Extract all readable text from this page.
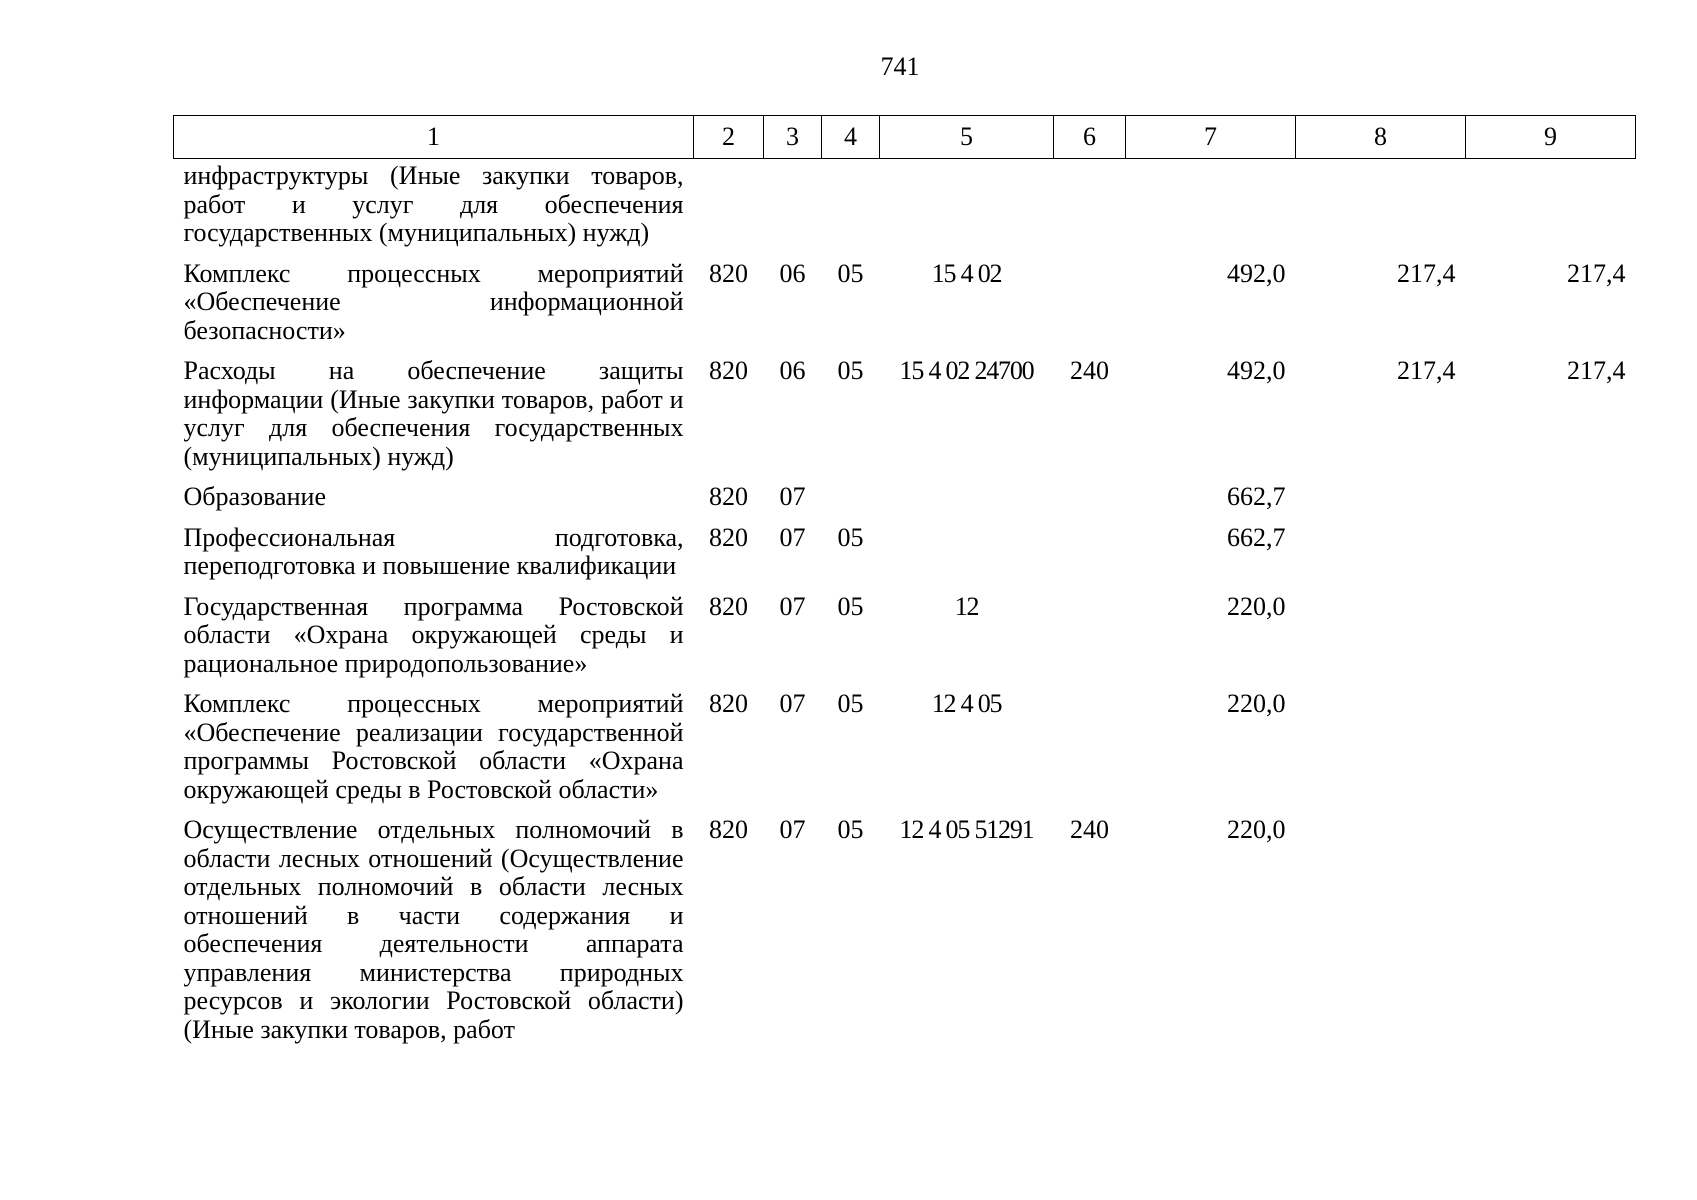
741
1	2	3	4	5	6	7	8	9
инфраструктуры (Иные закупки товаров, работ и услуг для обеспечения государственных (муниципальных) нужд)								
Комплекс процессных мероприятий «Обеспечение информационной безопасности»	820	06	05	15 4 02		492,0	217,4	217,4
Расходы на обеспечение защиты информации (Иные закупки товаров, работ и услуг для обеспечения государственных (муниципальных) нужд)	820	06	05	15 4 02 24700	240	492,0	217,4	217,4
Образование	820	07				662,7		
Профессиональная подготовка, переподготовка и повышение квалификации	820	07	05			662,7		
Государственная программа Ростовской области «Охрана окружающей среды и рациональное природопользование»	820	07	05	12		220,0		
Комплекс процессных мероприятий «Обеспечение реализации государственной программы Ростовской области «Охрана окружающей среды в Ростовской области»	820	07	05	12 4 05		220,0		
Осуществление отдельных полномочий в области лесных отношений (Осуществление отдельных полномочий в области лесных отношений в части содержания и обеспечения деятельности аппарата управления министерства природных ресурсов и экологии Ростовской области) (Иные закупки товаров, работ	820	07	05	12 4 05 51291	240	220,0		
